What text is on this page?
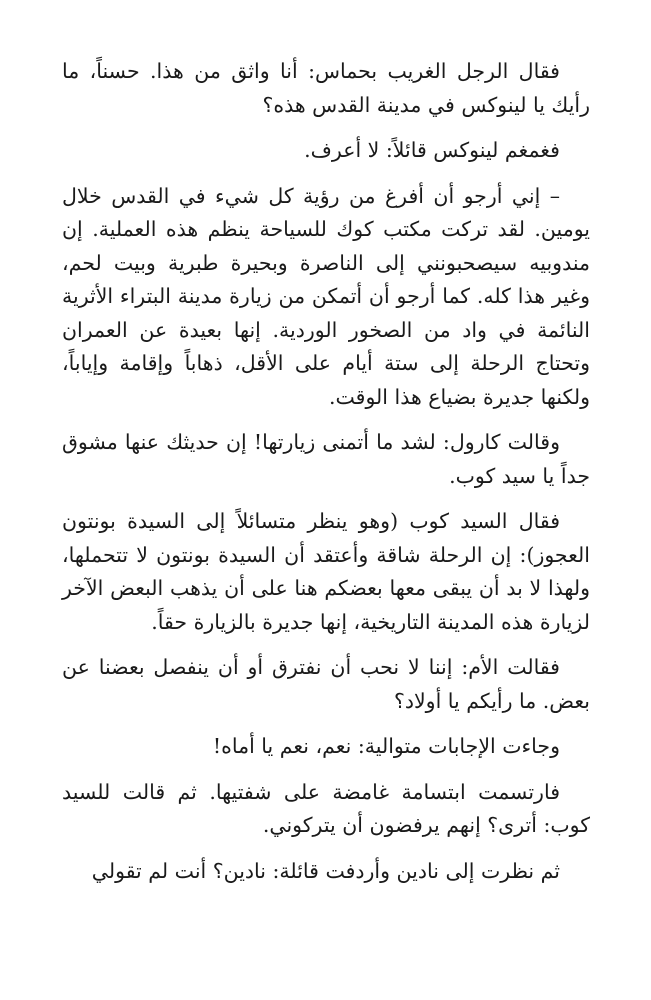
فقال الرجل الغريب بحماس: أنا واثق من هذا. حسناً، ما رأيك يا لينوكس في مدينة القدس هذه؟

فغمغم لينوكس قائلاً: لا أعرف.

– إني أرجو أن أفرغ من رؤية كل شيء في القدس خلال يومين. لقد تركت مكتب كوك للسياحة ينظم هذه العملية. إن مندوبيه سيصحبونني إلى الناصرة وبحيرة طبرية وبيت لحم، وغير هذا كله. كما أرجو أن أتمكن من زيارة مدينة البتراء الأثرية النائمة في واد من الصخور الوردية. إنها بعيدة عن العمران وتحتاج الرحلة إلى ستة أيام على الأقل، ذهاباً وإقامة وإياباً، ولكنها جديرة بضياع هذا الوقت.

وقالت كارول: لشد ما أتمنى زيارتها! إن حديثك عنها مشوق جداً يا سيد كوب.

فقال السيد كوب (وهو ينظر متسائلاً إلى السيدة بونتون العجوز): إن الرحلة شاقة وأعتقد أن السيدة بونتون لا تتحملها، ولهذا لا بد أن يبقى معها بعضكم هنا على أن يذهب البعض الآخر لزيارة هذه المدينة التاريخية، إنها جديرة بالزيارة حقاً.

فقالت الأم: إننا لا نحب أن نفترق أو أن ينفصل بعضنا عن بعض. ما رأيكم يا أولاد؟

وجاءت الإجابات متوالية: نعم، نعم يا أماه!

فارتسمت ابتسامة غامضة على شفتيها. ثم قالت للسيد كوب: أترى؟ إنهم يرفضون أن يتركوني.

ثم نظرت إلى نادين وأردفت قائلة: نادين؟ أنت لم تقولي
